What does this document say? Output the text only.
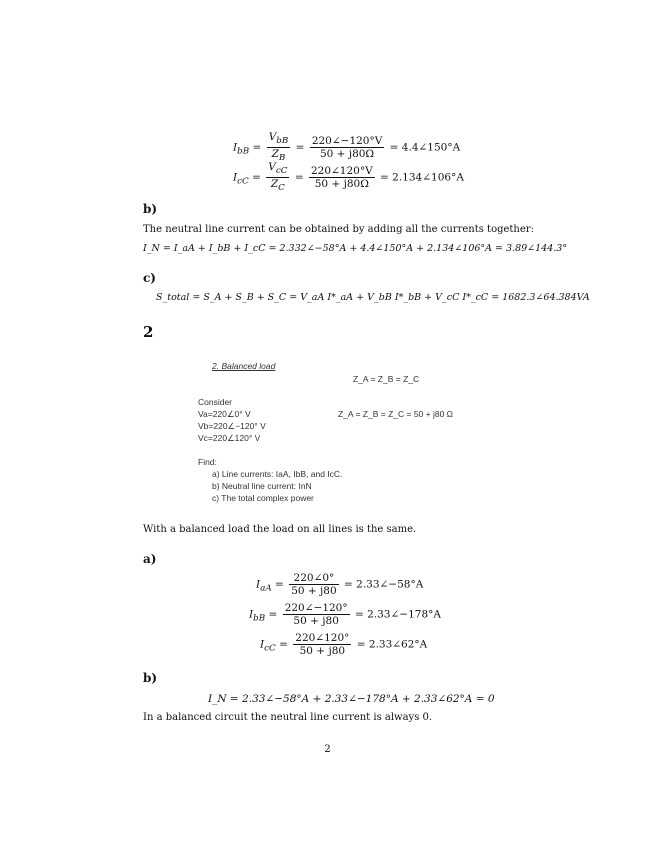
$I_{bB} = \frac{V_{bB}}{Z_B} = \frac{220\angle-120^\circ V}{50 + j80\Omega}$ = 4.4∠150°A
$I_{cC} = \frac{V_{cC}}{Z_C} = \frac{220\angle 120^\circ V}{50 + j80\Omega}$ = 2.134∠106°A
b)
The neutral line current can be obtained by adding all the currents together:
I_N = I_aA + I_bB + I_cC = 2.332∠−58°A + 4.4∠150°A + 2.134∠106°A = 3.89∠144.3°
c)
S_total = S_A + S_B + S_C = V_aA I*_aA + V_bB I*_bB + V_cC I*_cC = 1682.3∠64.384VA
2
2. Balanced load
Z_A = Z_B = Z_C
Consider
Va=220∠0° V
Vb=220∠−120° V
Vc=220∠120° V
Z_A = Z_B = Z_C = 50 + j80 Ω
Find:
a) Line currents: IaA, IbB, and IcC.
b) Neutral line current: InN
c) The total complex power
With a balanced load the load on all lines is the same.
a)
$I_{aA} = \frac{220\angle 0^\circ}{50 + j80}$ = 2.33∠−58°A
$I_{bB} = \frac{220\angle-120^\circ}{50 + j80}$ = 2.33∠−178°A
$I_{cC} = \frac{220\angle 120^\circ}{50 + j80}$ = 2.33∠62°A
b)
I_N = 2.33∠−58°A + 2.33∠−178°A + 2.33∠62°A = 0
In a balanced circuit the neutral line current is always 0.
2
